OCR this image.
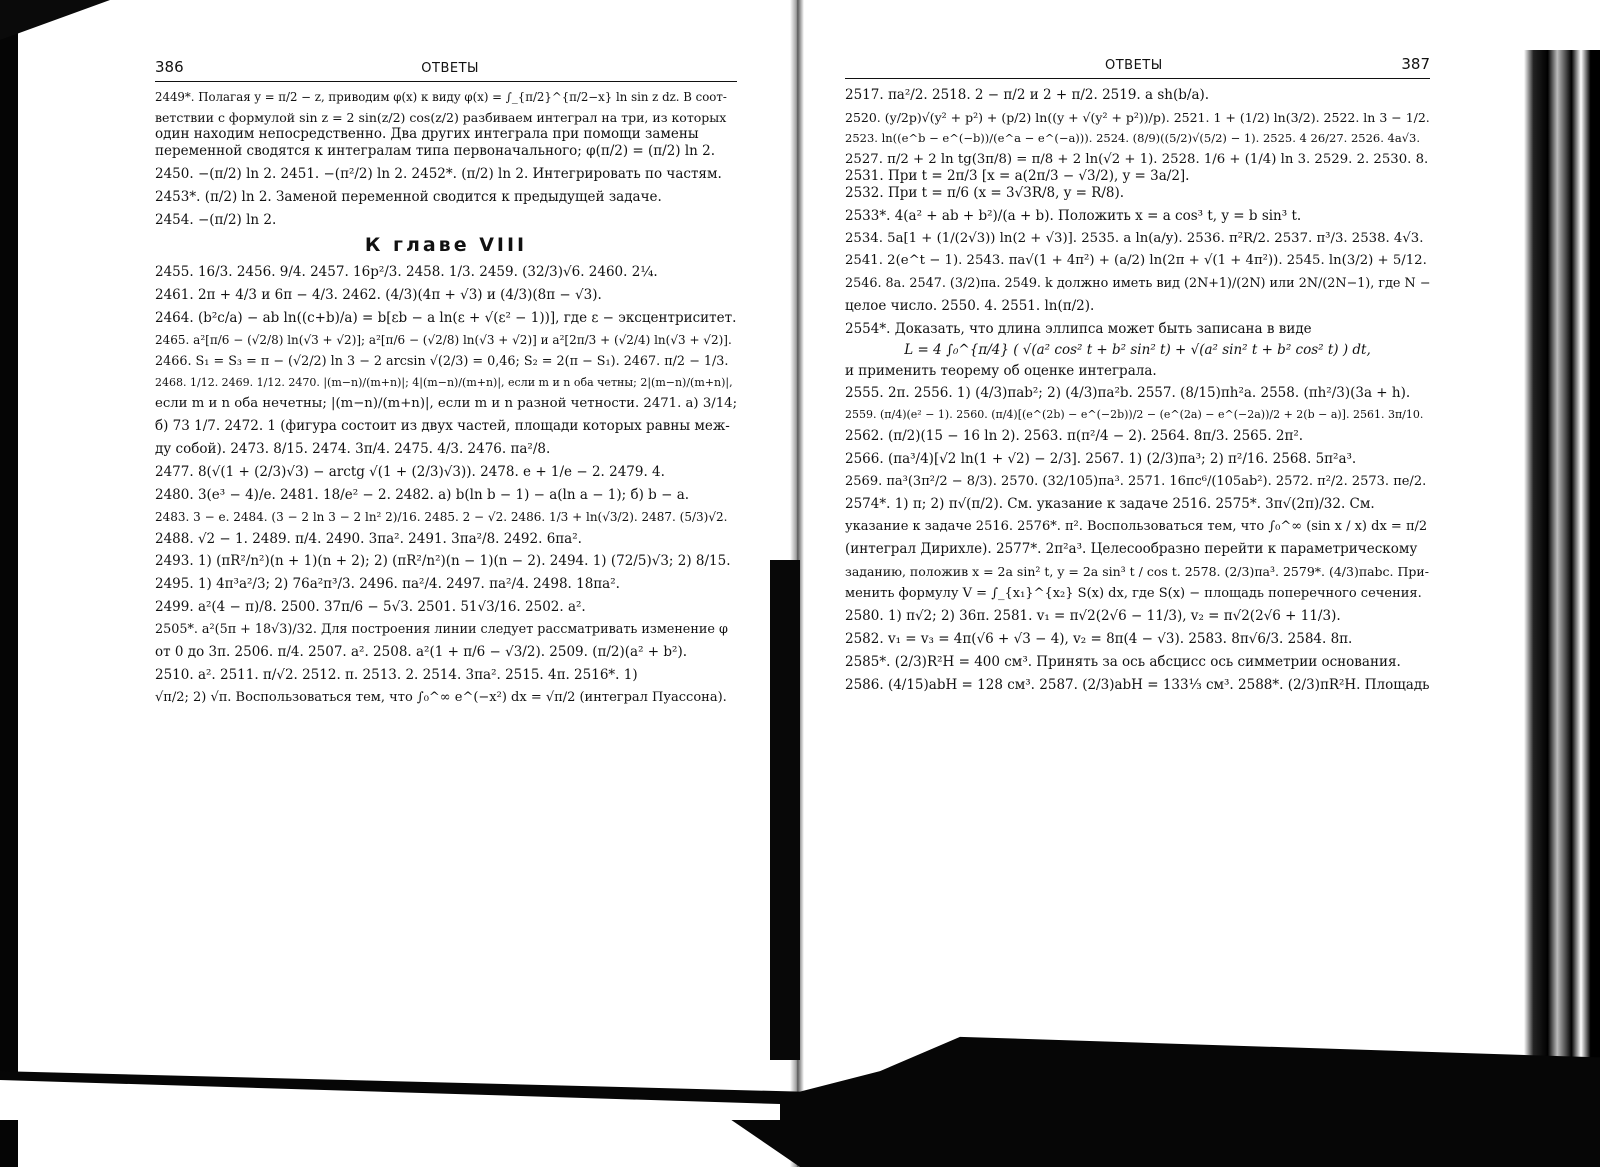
386	ОТВЕТЫ

2449*. Полагая y = π/2 − z, приводим φ(x) к виду φ(x) = ∫_{π/2}^{π/2−x} ln sin z dz. В соот-

ветствии с формулой sin z = 2 sin(z/2) cos(z/2) разбиваем интеграл на три, из которых

один находим непосредственно. Два других интеграла при помощи замены

переменной сводятся к интегралам типа первоначального; φ(π/2) = (π/2) ln 2.

2450. −(π/2) ln 2. 2451. −(π²/2) ln 2. 2452*. (π/2) ln 2. Интегрировать по частям.

2453*. (π/2) ln 2. Заменой переменной сводится к предыдущей задаче.

2454. −(π/2) ln 2.

К главе VIII

2455. 16/3. 2456. 9/4. 2457. 16p²/3. 2458. 1/3. 2459. (32/3)√6. 2460. 2¼.

2461. 2π + 4/3 и 6π − 4/3. 2462. (4/3)(4π + √3) и (4/3)(8π − √3).

2464. (b²c/a) − ab ln((c+b)/a) = b[εb − a ln(ε + √(ε² − 1))], где ε − эксцентриситет.

2465. a²[π/6 − (√2/8) ln(√3 + √2)]; a²[π/6 − (√2/8) ln(√3 + √2)] и a²[2π/3 + (√2/4) ln(√3 + √2)].

2466. S₁ = S₃ = π − (√2/2) ln 3 − 2 arcsin √(2/3) = 0,46; S₂ = 2(π − S₁). 2467. π/2 − 1/3.

2468. 1/12. 2469. 1/12. 2470. |(m−n)/(m+n)|; 4|(m−n)/(m+n)|, если m и n оба четны; 2|(m−n)/(m+n)|,

если m и n оба нечетны; |(m−n)/(m+n)|, если m и n разной четности. 2471. а) 3/14;

б) 73 1/7. 2472. 1 (фигура состоит из двух частей, площади которых равны меж-

ду собой). 2473. 8/15. 2474. 3π/4. 2475. 4/3. 2476. πa²/8.

2477. 8(√(1 + (2/3)√3) − arctg √(1 + (2/3)√3)). 2478. e + 1/e − 2. 2479. 4.

2480. 3(e³ − 4)/e. 2481. 18/e² − 2. 2482. а) b(ln b − 1) − a(ln a − 1); б) b − a.

2483. 3 − e. 2484. (3 − 2 ln 3 − 2 ln² 2)/16. 2485. 2 − √2. 2486. 1/3 + ln(√3/2). 2487. (5/3)√2.

2488. √2 − 1. 2489. π/4. 2490. 3πa². 2491. 3πa²/8. 2492. 6πa².

2493. 1) (πR²/n²)(n + 1)(n + 2); 2) (πR²/n²)(n − 1)(n − 2). 2494. 1) (72/5)√3; 2) 8/15.

2495. 1) 4π³a²/3; 2) 76a²π³/3. 2496. πa²/4. 2497. πa²/4. 2498. 18πa².

2499. a²(4 − π)/8. 2500. 37π/6 − 5√3. 2501. 51√3/16. 2502. a².

2505*. a²(5π + 18√3)/32. Для построения линии следует рассматривать изменение φ

от 0 до 3π. 2506. π/4. 2507. a². 2508. a²(1 + π/6 − √3/2). 2509. (π/2)(a² + b²).

2510. a². 2511. π/√2. 2512. π. 2513. 2. 2514. 3πa². 2515. 4π. 2516*. 1)

√π/2; 2) √π. Воспользоваться тем, что ∫₀^∞ e^(−x²) dx = √π/2 (интеграл Пуассона).

ОТВЕТЫ	387

2517. πa²/2. 2518. 2 − π/2 и 2 + π/2. 2519. a sh(b/a).

2520. (y/2p)√(y² + p²) + (p/2) ln((y + √(y² + p²))/p). 2521. 1 + (1/2) ln(3/2). 2522. ln 3 − 1/2.

2523. ln((e^b − e^(−b))/(e^a − e^(−a))). 2524. (8/9)((5/2)√(5/2) − 1). 2525. 4 26/27. 2526. 4a√3.

2527. π/2 + 2 ln tg(3π/8) = π/8 + 2 ln(√2 + 1). 2528. 1/6 + (1/4) ln 3. 2529. 2. 2530. 8.

2531. При t = 2π/3 [x = a(2π/3 − √3/2), y = 3a/2].

2532. При t = π/6 (x = 3√3R/8, y = R/8).

2533*. 4(a² + ab + b²)/(a + b). Положить x = a cos³ t, y = b sin³ t.

2534. 5a[1 + (1/(2√3)) ln(2 + √3)]. 2535. a ln(a/y). 2536. π²R/2. 2537. π³/3. 2538. 4√3.

2541. 2(e^t − 1). 2543. πa√(1 + 4π²) + (a/2) ln(2π + √(1 + 4π²)). 2545. ln(3/2) + 5/12.

2546. 8a. 2547. (3/2)πa. 2549. k должно иметь вид (2N+1)/(2N) или 2N/(2N−1), где N −

целое число. 2550. 4. 2551. ln(π/2).

2554*. Доказать, что длина эллипса может быть записана в виде

L = 4 ∫₀^{π/4} ( √(a² cos² t + b² sin² t) + √(a² sin² t + b² cos² t) ) dt,

и применить теорему об оценке интеграла.

2555. 2π. 2556. 1) (4/3)πab²; 2) (4/3)πa²b. 2557. (8/15)πh²a. 2558. (πh²/3)(3a + h).

2559. (π/4)(e² − 1). 2560. (π/4)[(e^(2b) − e^(−2b))/2 − (e^(2a) − e^(−2a))/2 + 2(b − a)]. 2561. 3π/10.

2562. (π/2)(15 − 16 ln 2). 2563. π(π²/4 − 2). 2564. 8π/3. 2565. 2π².

2566. (πa³/4)[√2 ln(1 + √2) − 2/3]. 2567. 1) (2/3)πa³; 2) π²/16. 2568. 5π²a³.

2569. πa³(3π²/2 − 8/3). 2570. (32/105)πa³. 2571. 16πc⁶/(105ab²). 2572. π²/2. 2573. πe/2.

2574*. 1) π; 2) π√(π/2). См. указание к задаче 2516. 2575*. 3π√(2π)/32. См.

указание к задаче 2516. 2576*. π². Воспользоваться тем, что ∫₀^∞ (sin x / x) dx = π/2

(интеграл Дирихле). 2577*. 2π²a³. Целесообразно перейти к параметрическому

заданию, положив x = 2a sin² t, y = 2a sin³ t / cos t. 2578. (2/3)πa³. 2579*. (4/3)πabc. При-

менить формулу V = ∫_{x₁}^{x₂} S(x) dx, где S(x) − площадь поперечного сечения.

2580. 1) π√2; 2) 36π. 2581. v₁ = π√2(2√6 − 11/3), v₂ = π√2(2√6 + 11/3).

2582. v₁ = v₃ = 4π(√6 + √3 − 4), v₂ = 8π(4 − √3). 2583. 8π√6/3. 2584. 8π.

2585*. (2/3)R²H = 400 см³. Принять за ось абсцисс ось симметрии основания.

2586. (4/15)abH = 128 см³. 2587. (2/3)abH = 133⅓ см³. 2588*. (2/3)πR²H. Площадь
